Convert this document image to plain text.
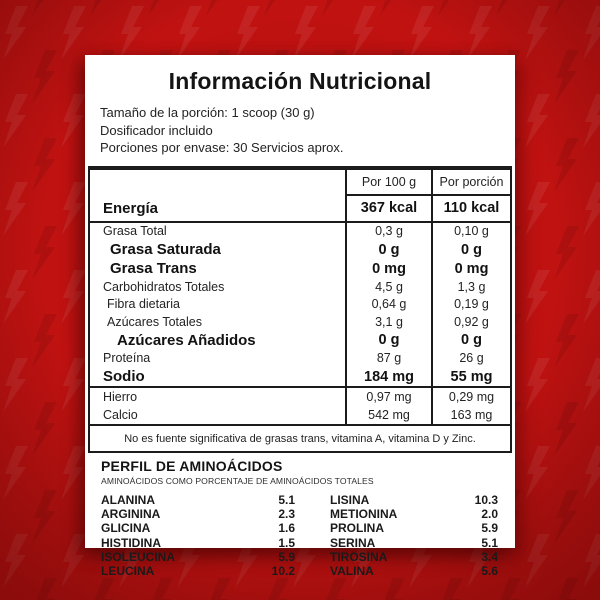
Información Nutricional
Tamaño de la porción: 1 scoop (30 g)
Dosificador incluido
Porciones por envase: 30 Servicios aprox.
Por 100 g	Por porción
Energía	367 kcal	110 kcal
Grasa Total	0,3 g	0,10 g
Grasa Saturada	0 g	0 g
Grasa Trans	0 mg	0 mg
Carbohidratos Totales	4,5 g	1,3 g
Fibra dietaria	0,64 g	0,19 g
Azúcares Totales	3,1 g	0,92 g
Azúcares Añadidos	0 g	0 g
Proteína	87 g	26 g
Sodio	184 mg	55 mg
Hierro	0,97 mg	0,29 mg
Calcio	542 mg	163 mg
No es fuente significativa de grasas trans, vitamina A, vitamina D y Zinc.
PERFIL DE AMINOÁCIDOS
AMINOÁCIDOS COMO PORCENTAJE DE AMINOÁCIDOS TOTALES
ALANINA	5.1
ARGININA	2.3
GLICINA	1.6
HISTIDINA	1.5
ISOLEUCINA	5.9
LEUCINA	10.2
LISINA	10.3
METIONINA	2.0
PROLINA	5.9
SERINA	5.1
TIROSINA	3.4
VALINA	5.6
